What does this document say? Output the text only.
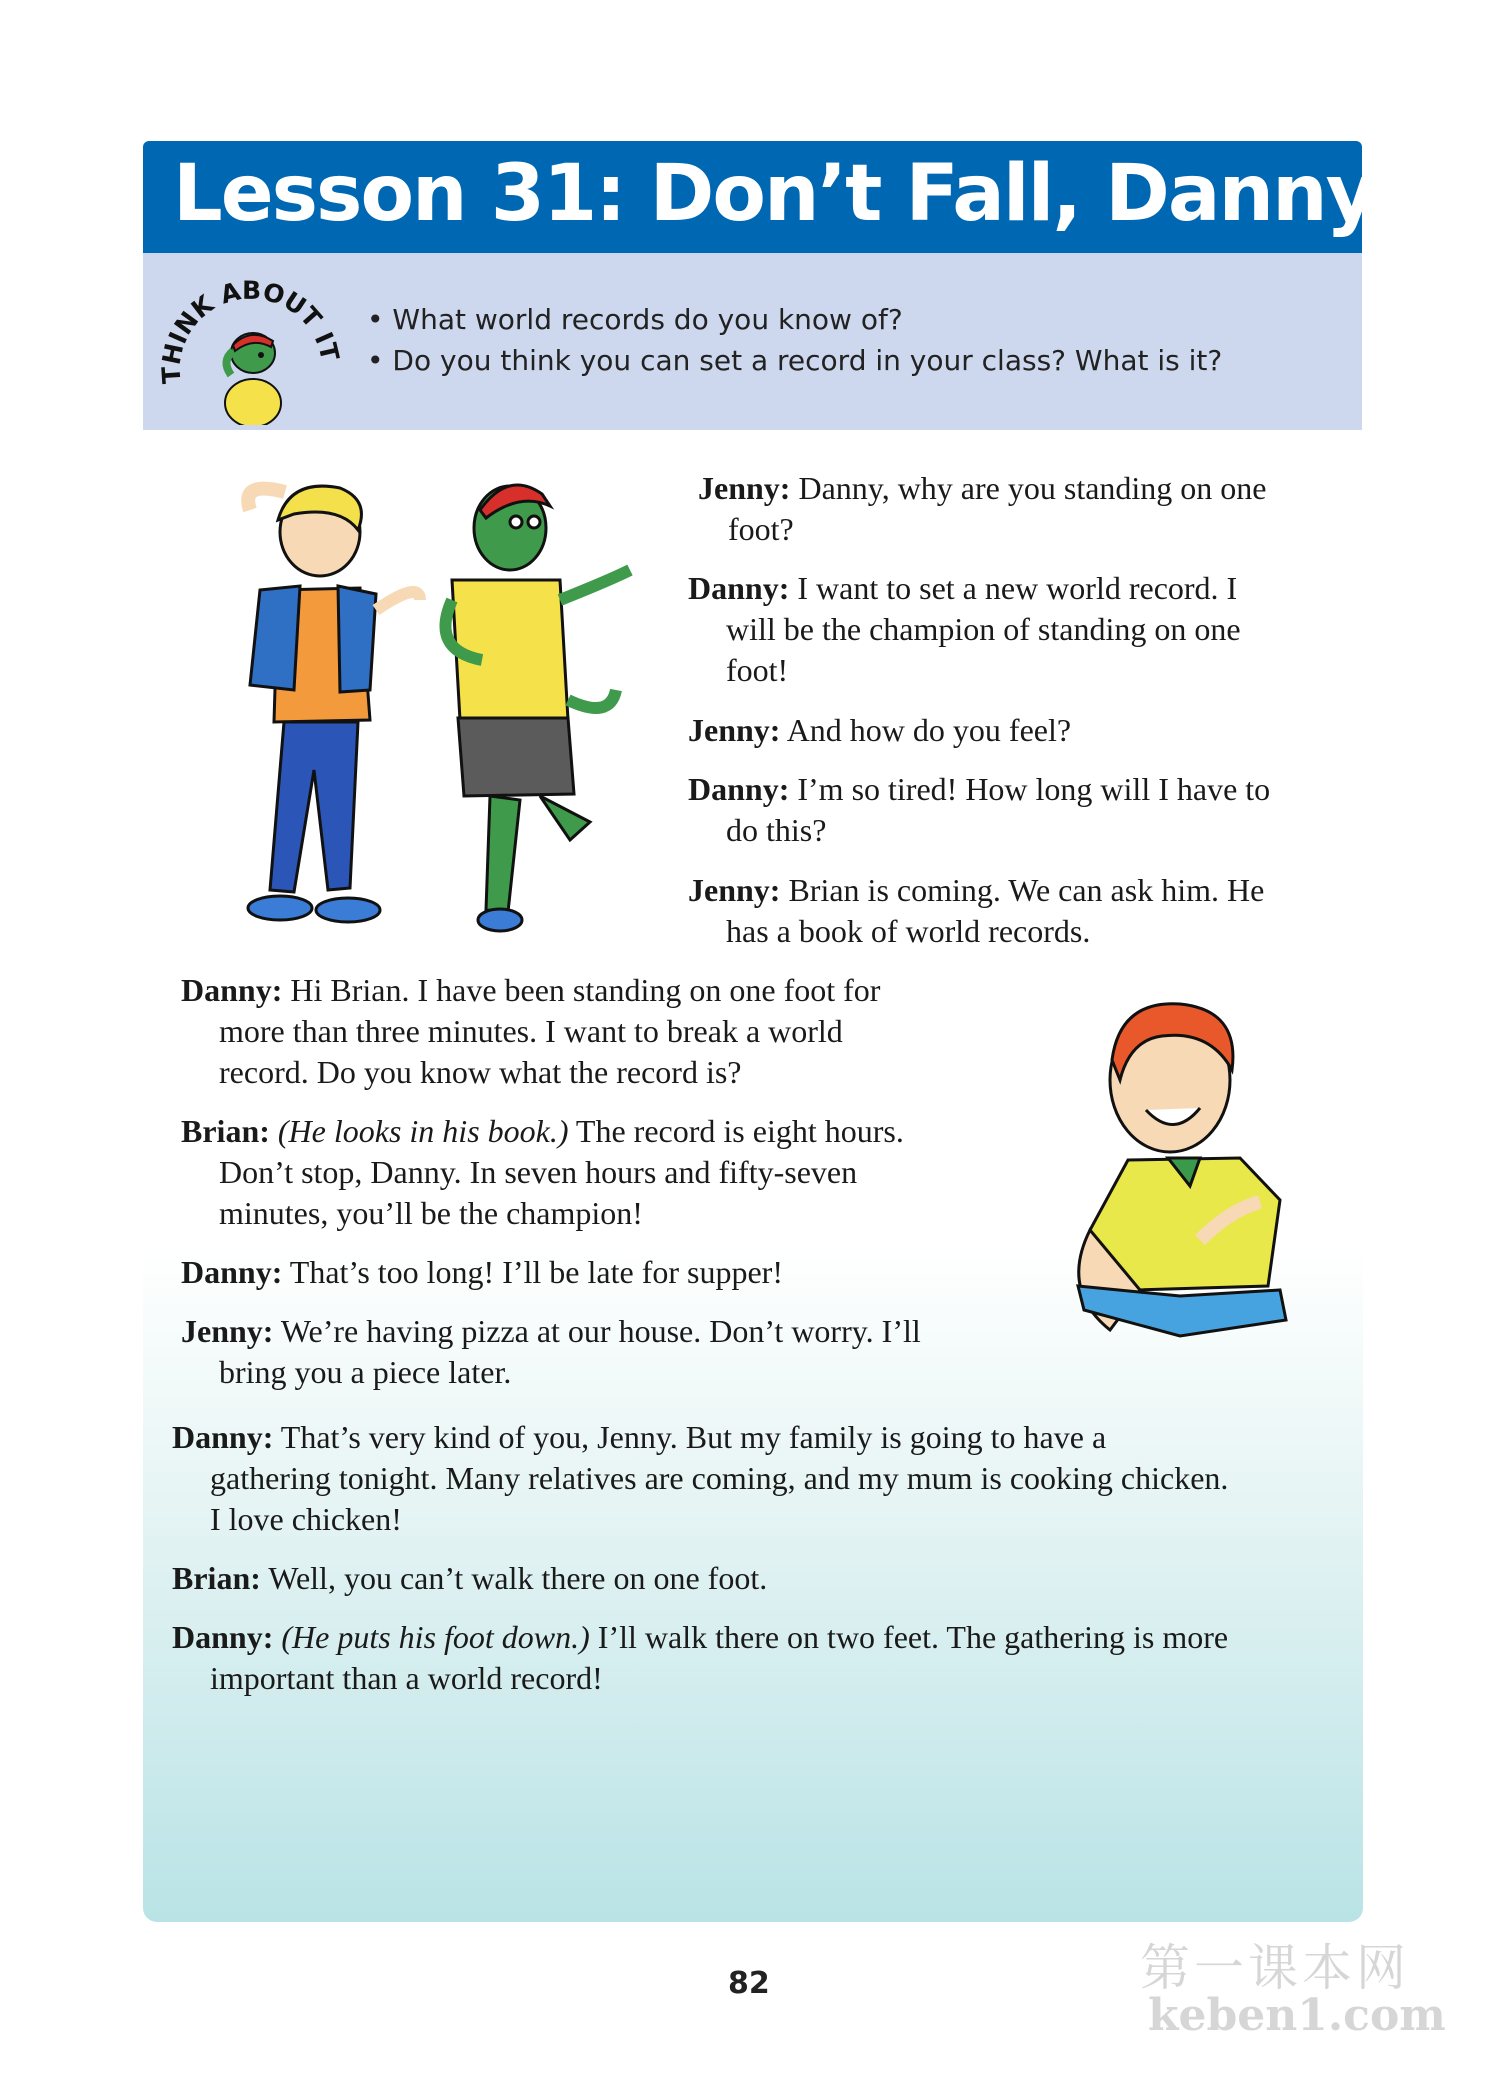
Lesson 31: Don’t Fall, Danny!
THINK ABOUT IT
• What world records do you know of?
• Do you think you can set a record in your class? What is it?
Jenny: Danny, why are you standing on one
foot?
Danny: I want to set a new world record. I
will be the champion of standing on one
foot!
Jenny: And how do you feel?
Danny: I’m so tired! How long will I have to
do this?
Jenny: Brian is coming. We can ask him. He
has a book of world records.
Danny: Hi Brian. I have been standing on one foot for
more than three minutes. I want to break a world
record. Do you know what the record is?
Brian: (He looks in his book.) The record is eight hours.
Don’t stop, Danny. In seven hours and fifty-seven
minutes, you’ll be the champion!
Danny: That’s too long! I’ll be late for supper!
Jenny: We’re having pizza at our house. Don’t worry. I’ll
bring you a piece later.
Danny: That’s very kind of you, Jenny. But my family is going to have a
gathering tonight. Many relatives are coming, and my mum is cooking chicken.
I love chicken!
Brian: Well, you can’t walk there on one foot.
Danny: (He puts his foot down.) I’ll walk there on two feet. The gathering is more
important than a world record!
82	第一课本网
keben1.com
